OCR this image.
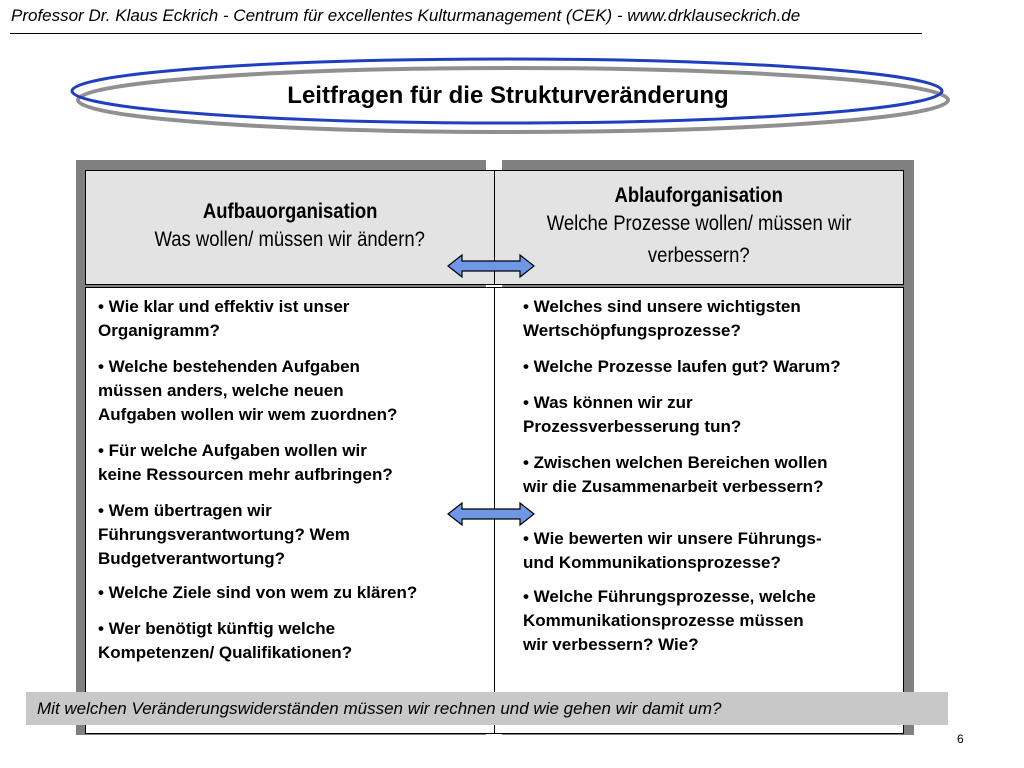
Professor Dr. Klaus Eckrich - Centrum für excellentes Kulturmanagement (CEK) - www.drklauseckrich.de
Leitfragen für die Strukturveränderung
Aufbauorganisation
Was wollen/ müssen wir ändern?
Ablauforganisation
Welche Prozesse wollen/ müssen wir
verbessern?

• Wie klar und effektiv ist unser
Organigramm?

• Welche bestehenden Aufgaben
müssen anders, welche neuen
Aufgaben wollen wir wem zuordnen?

• Für welche Aufgaben wollen wir
keine Ressourcen mehr aufbringen?

• Wem übertragen wir
Führungsverantwortung? Wem
Budgetverantwortung?

• Welche Ziele sind von wem zu klären?

• Wer benötigt künftig welche
Kompetenzen/ Qualifikationen?

• Welches sind unsere wichtigsten
Wertschöpfungsprozesse?

• Welche Prozesse laufen gut? Warum?

• Was können wir zur
Prozessverbesserung tun?

• Zwischen welchen Bereichen wollen
wir die Zusammenarbeit verbessern?

• Wie bewerten wir unsere Führungs-
und Kommunikationsprozesse?

• Welche Führungsprozesse, welche
Kommunikationsprozesse müssen
wir verbessern? Wie?

Mit welchen Veränderungswiderständen müssen wir rechnen und wie gehen wir damit um?
6
